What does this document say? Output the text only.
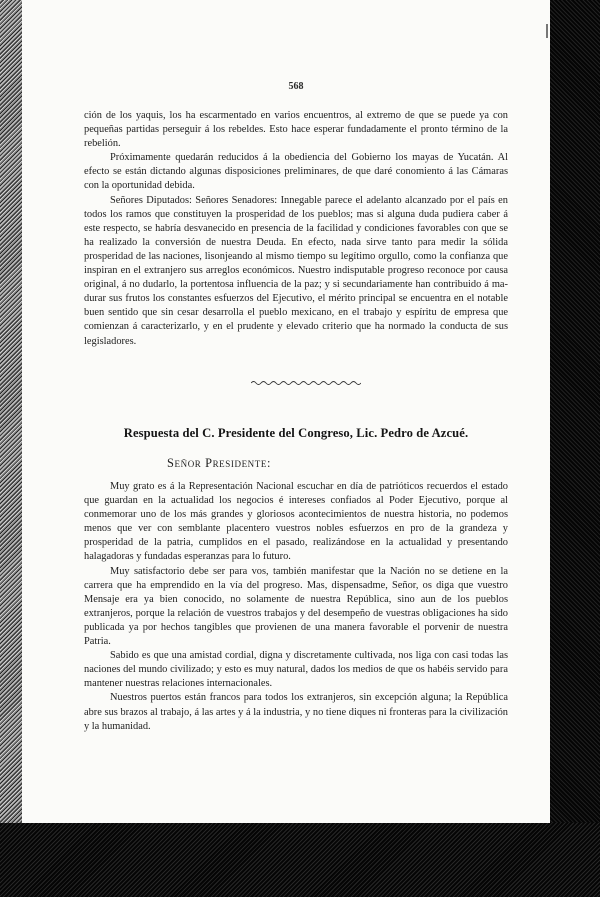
568

ción de los yaquis, los ha escarmentado en varios encuentros, al extremo de que se puede ya con pequeñas partidas perseguir á los rebeldes. Esto hace esperar fundadamente el pronto término de la rebelión.

Próximamente quedarán reducidos á la obediencia del Gobierno los mayas de Yucatán. Al efecto se están dictando algunas disposiciones preliminares, de que daré conomiento á las Cámaras con la oportunidad debida.

Señores Diputados: Señores Senadores: Innegable parece el adelanto alcanzado por el país en todos los ramos que constituyen la prosperidad de los pueblos; mas si alguna duda pudiera caber á este respecto, se habría desvanecido en presencia de la facilidad y condiciones favorables con que se ha realizado la conversión de nuestra Deuda. En efecto, nada sirve tanto para medir la sólida prosperidad de las naciones, lisonjeando al mismo tiempo su legítimo orgullo, como la confianza que inspiran en el extranjero sus arreglos económicos. Nuestro indisputable progreso reconoce por causa original, á no dudarlo, la portentosa influencia de la paz; y si secundariamente han contribuido á madurar sus frutos los constantes esfuerzos del Ejecutivo, el mérito principal se encuentra en el notable buen sentido que sin cesar desarrolla el pueblo mexicano, en el trabajo y espíritu de empresa que comienzan á caracterizarlo, y en el prudente y elevado criterio que ha normado la conducta de sus legisladores.

Respuesta del C. Presidente del Congreso, Lic. Pedro de Azcué.
Señor Presidente:

Muy grato es á la Representación Nacional escuchar en día de patrióticos recuerdos el estado que guardan en la actualidad los negocios é intereses confiados al Poder Ejecutivo, porque al conmemorar uno de los más grandes y gloriosos acontecimientos de nuestra historia, no podemos menos que ver con semblante placentero vuestros nobles esfuerzos en pro de la grandeza y prosperidad de la patria, cumplidos en el pasado, realizándose en la actualidad y presentando halagadoras y fundadas esperanzas para lo futuro.

Muy satisfactorio debe ser para vos, también manifestar que la Nación no se detiene en la carrera que ha emprendido en la vía del progreso. Mas, dispensadme, Señor, os diga que vuestro Mensaje era ya bien conocido, no solamente de nuestra República, sino aun de los pueblos extranjeros, porque la relación de vuestros trabajos y del desempeño de vuestras obligaciones ha sido publicada ya por hechos tangibles que provienen de una manera favorable el porvenir de nuestra Patria.

Sabido es que una amistad cordial, digna y discretamente cultivada, nos liga con casi todas las naciones del mundo civilizado; y esto es muy natural, dados los medios de que os habéis servido para mantener nuestras relaciones internacionales.

Nuestros puertos están francos para todos los extranjeros, sin excepción alguna; la República abre sus brazos al trabajo, á las artes y á la industria, y no tiene diques ni fronteras para la civilización y la humanidad.
